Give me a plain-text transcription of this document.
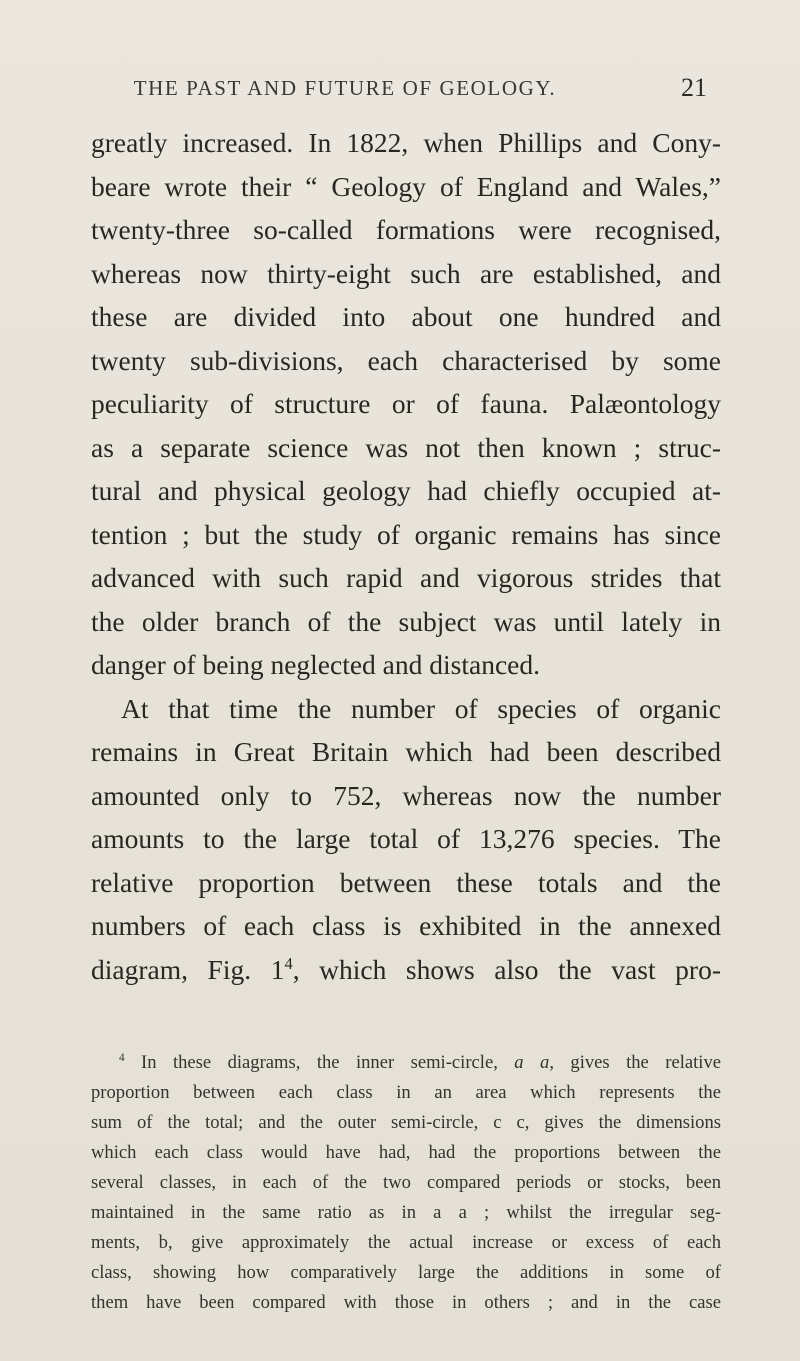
THE PAST AND FUTURE OF GEOLOGY.	21
greatly increased. In 1822, when Phillips and Cony-
beare wrote their “ Geology of England and Wales,”
twenty-three so-called formations were recognised,
whereas now thirty-eight such are established, and
these are divided into about one hundred and
twenty sub-divisions, each characterised by some
peculiarity of structure or of fauna. Palæontology
as a separate science was not then known ; struc-
tural and physical geology had chiefly occupied at-
tention ; but the study of organic remains has since
advanced with such rapid and vigorous strides that
the older branch of the subject was until lately in
danger of being neglected and distanced.
At that time the number of species of organic
remains in Great Britain which had been described
amounted only to 752, whereas now the number
amounts to the large total of 13,276 species. The
relative proportion between these totals and the
numbers of each class is exhibited in the annexed
diagram, Fig. $1^4$, which shows also the vast pro-
$^4$ In these diagrams, the inner semi-circle, a a, gives the relative
proportion between each class in an area which represents the
sum of the total; and the outer semi-circle, c c, gives the dimensions
which each class would have had, had the proportions between the
several classes, in each of the two compared periods or stocks, been
maintained in the same ratio as in a a ; whilst the irregular seg-
ments, b, give approximately the actual increase or excess of each
class, showing how comparatively large the additions in some of
them have been compared with those in others ; and in the case
